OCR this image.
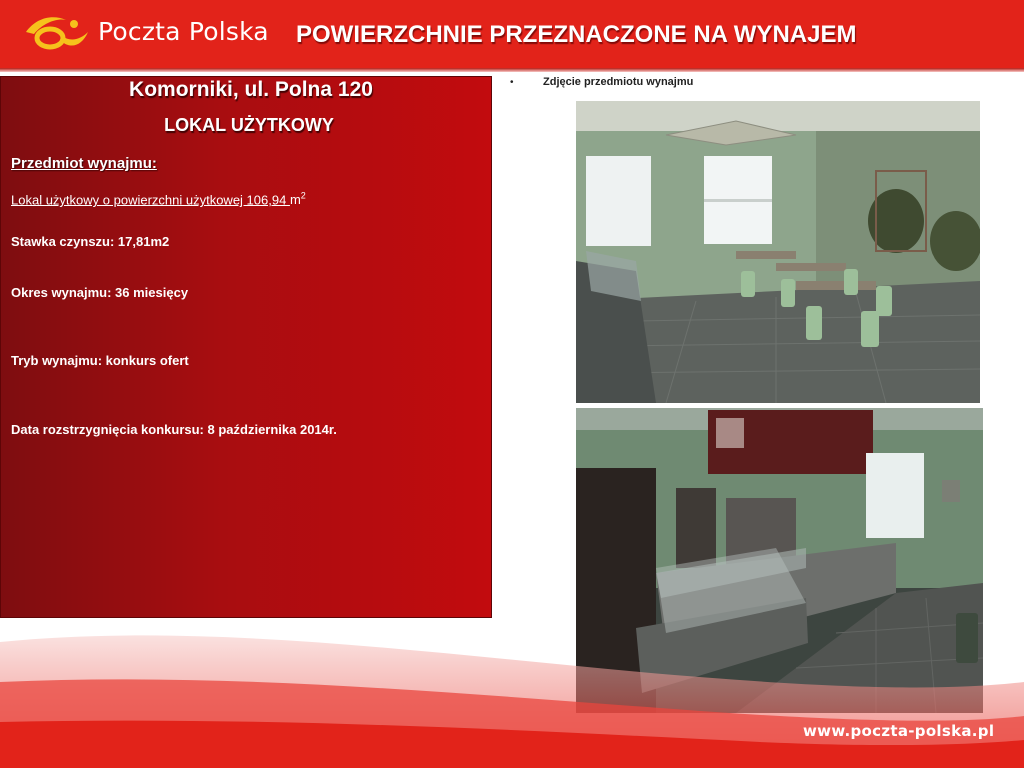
Poczta Polska POWIERZCHNIE PRZEZNACZONE NA WYNAJEM
Komorniki, ul. Polna 120
LOKAL UŻYTKOWY
Przedmiot wynajmu:
Lokal użytkowy o powierzchni użytkowej 106,94 $m^2$
Stawka czynszu: 17,81m2
Okres wynajmu: 36 miesięcy
Tryb wynajmu: konkurs ofert
Data rozstrzygnięcia konkursu: 8 października 2014r.
•	Zdjęcie przedmiotu wynajmu
www.poczta-polska.pl
